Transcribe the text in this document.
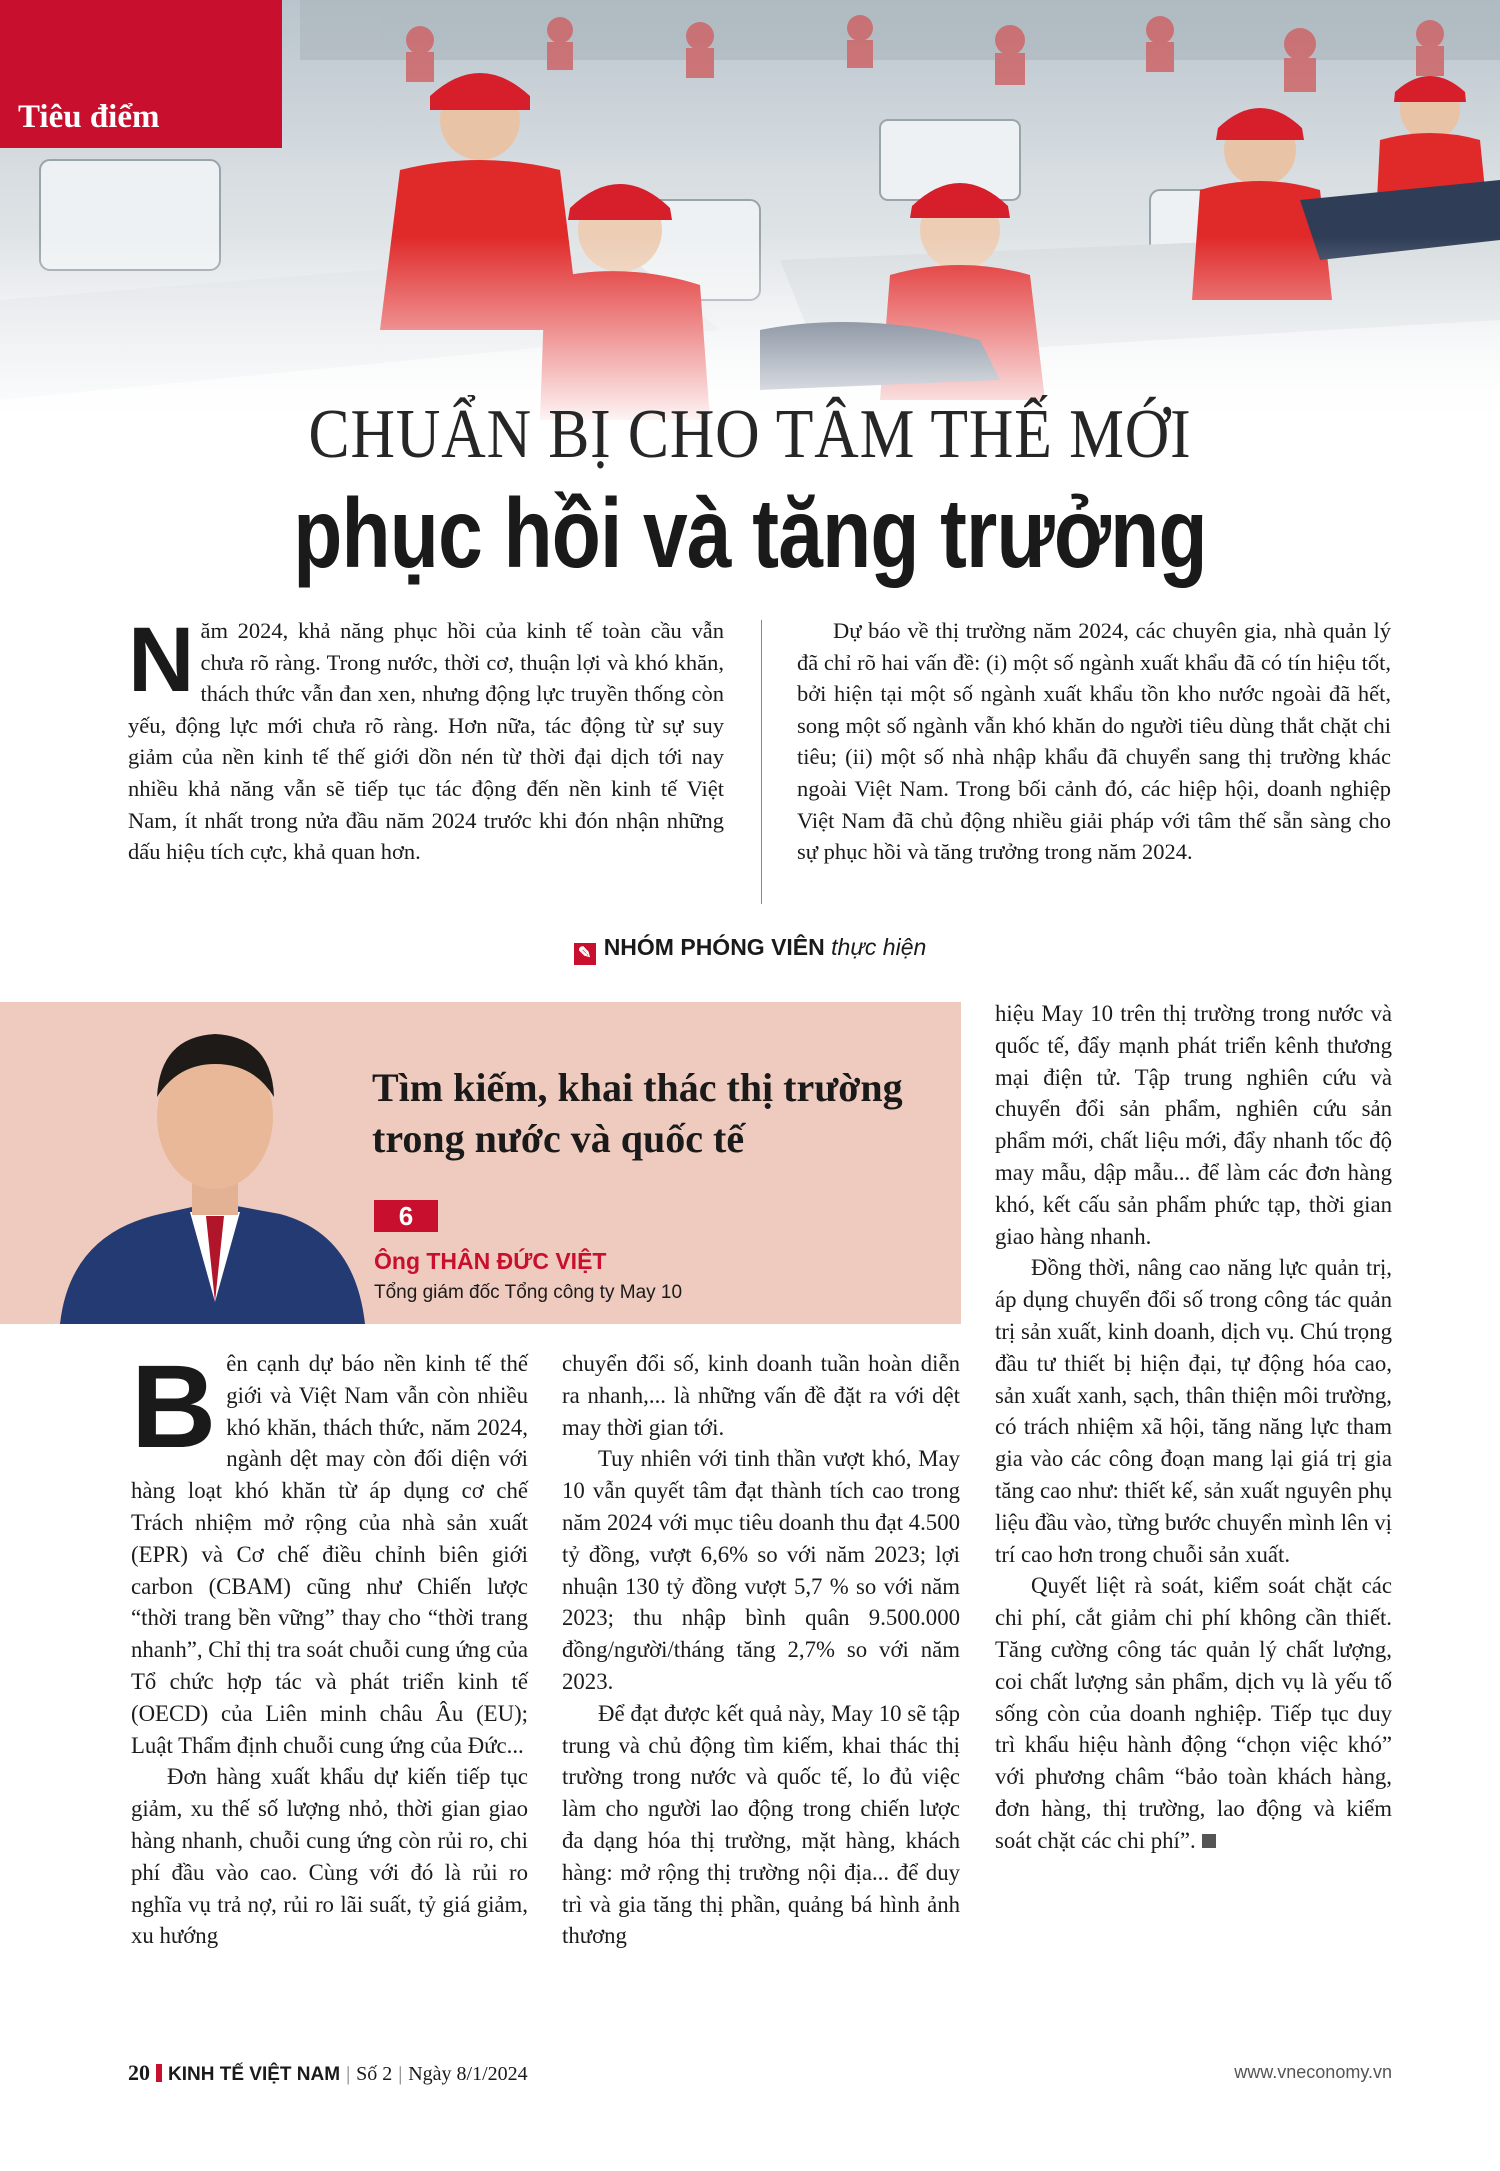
Tiêu điểm
CHUẨN BỊ CHO TÂM THẾ MỚI
phục hồi và tăng trưởng
N ăm 2024, khả năng phục hồi của kinh tế toàn cầu vẫn chưa rõ ràng. Trong nước, thời cơ, thuận lợi và khó khăn, thách thức vẫn đan xen, nhưng động lực truyền thống còn yếu, động lực mới chưa rõ ràng. Hơn nữa, tác động từ sự suy giảm của nền kinh tế thế giới dồn nén từ thời đại dịch tới nay nhiều khả năng vẫn sẽ tiếp tục tác động đến nền kinh tế Việt Nam, ít nhất trong nửa đầu năm 2024 trước khi đón nhận những dấu hiệu tích cực, khả quan hơn.

Dự báo về thị trường năm 2024, các chuyên gia, nhà quản lý đã chỉ rõ hai vấn đề: (i) một số ngành xuất khẩu đã có tín hiệu tốt, bởi hiện tại một số ngành xuất khẩu tồn kho nước ngoài đã hết, song một số ngành vẫn khó khăn do người tiêu dùng thắt chặt chi tiêu; (ii) một số nhà nhập khẩu đã chuyển sang thị trường khác ngoài Việt Nam. Trong bối cảnh đó, các hiệp hội, doanh nghiệp Việt Nam đã chủ động nhiều giải pháp với tâm thế sẵn sàng cho sự phục hồi và tăng trưởng trong năm 2024.

✎ NHÓM PHÓNG VIÊN thực hiện
Tìm kiếm, khai thác thị trường trong nước và quốc tế
6
Ông THÂN ĐỨC VIỆT
Tổng giám đốc Tổng công ty May 10

Bên cạnh dự báo nền kinh tế thế giới và Việt Nam vẫn còn nhiều khó khăn, thách thức, năm 2024, ngành dệt may còn đối diện với hàng loạt khó khăn từ áp dụng cơ chế Trách nhiệm mở rộng của nhà sản xuất (EPR) và Cơ chế điều chỉnh biên giới carbon (CBAM) cũng như Chiến lược “thời trang bền vững” thay cho “thời trang nhanh”, Chỉ thị tra soát chuỗi cung ứng của Tổ chức hợp tác và phát triển kinh tế (OECD) của Liên minh châu Âu (EU); Luật Thẩm định chuỗi cung ứng của Đức...

Đơn hàng xuất khẩu dự kiến tiếp tục giảm, xu thế số lượng nhỏ, thời gian giao hàng nhanh, chuỗi cung ứng còn rủi ro, chi phí đầu vào cao. Cùng với đó là rủi ro nghĩa vụ trả nợ, rủi ro lãi suất, tỷ giá giảm, xu hướng

chuyển đổi số, kinh doanh tuần hoàn diễn ra nhanh,... là những vấn đề đặt ra với dệt may thời gian tới.

Tuy nhiên với tinh thần vượt khó, May 10 vẫn quyết tâm đạt thành tích cao trong năm 2024 với mục tiêu doanh thu đạt 4.500 tỷ đồng, vượt 6,6% so với năm 2023; lợi nhuận 130 tỷ đồng vượt 5,7 % so với năm 2023; thu nhập bình quân 9.500.000 đồng/người/tháng tăng 2,7% so với năm 2023.

Để đạt được kết quả này, May 10 sẽ tập trung và chủ động tìm kiếm, khai thác thị trường trong nước và quốc tế, lo đủ việc làm cho người lao động trong chiến lược đa dạng hóa thị trường, mặt hàng, khách hàng: mở rộng thị trường nội địa... để duy trì và gia tăng thị phần, quảng bá hình ảnh thương

hiệu May 10 trên thị trường trong nước và quốc tế, đẩy mạnh phát triển kênh thương mại điện tử. Tập trung nghiên cứu và chuyển đổi sản phẩm, nghiên cứu sản phẩm mới, chất liệu mới, đẩy nhanh tốc độ may mẫu, dập mẫu... để làm các đơn hàng khó, kết cấu sản phẩm phức tạp, thời gian giao hàng nhanh.

Đồng thời, nâng cao năng lực quản trị, áp dụng chuyển đổi số trong công tác quản trị sản xuất, kinh doanh, dịch vụ. Chú trọng đầu tư thiết bị hiện đại, tự động hóa cao, sản xuất xanh, sạch, thân thiện môi trường, có trách nhiệm xã hội, tăng năng lực tham gia vào các công đoạn mang lại giá trị gia tăng cao như: thiết kế, sản xuất nguyên phụ liệu đầu vào, từng bước chuyển mình lên vị trí cao hơn trong chuỗi sản xuất.

Quyết liệt rà soát, kiểm soát chặt các chi phí, cắt giảm chi phí không cần thiết. Tăng cường công tác quản lý chất lượng, coi chất lượng sản phẩm, dịch vụ là yếu tố sống còn của doanh nghiệp. Tiếp tục duy trì khẩu hiệu hành động “chọn việc khó” với phương châm “bảo toàn khách hàng, đơn hàng, thị trường, lao động và kiểm soát chặt các chi phí”.

20 KINH TẾ VIỆT NAM | Số 2 | Ngày 8/1/2024	www.vneconomy.vn
